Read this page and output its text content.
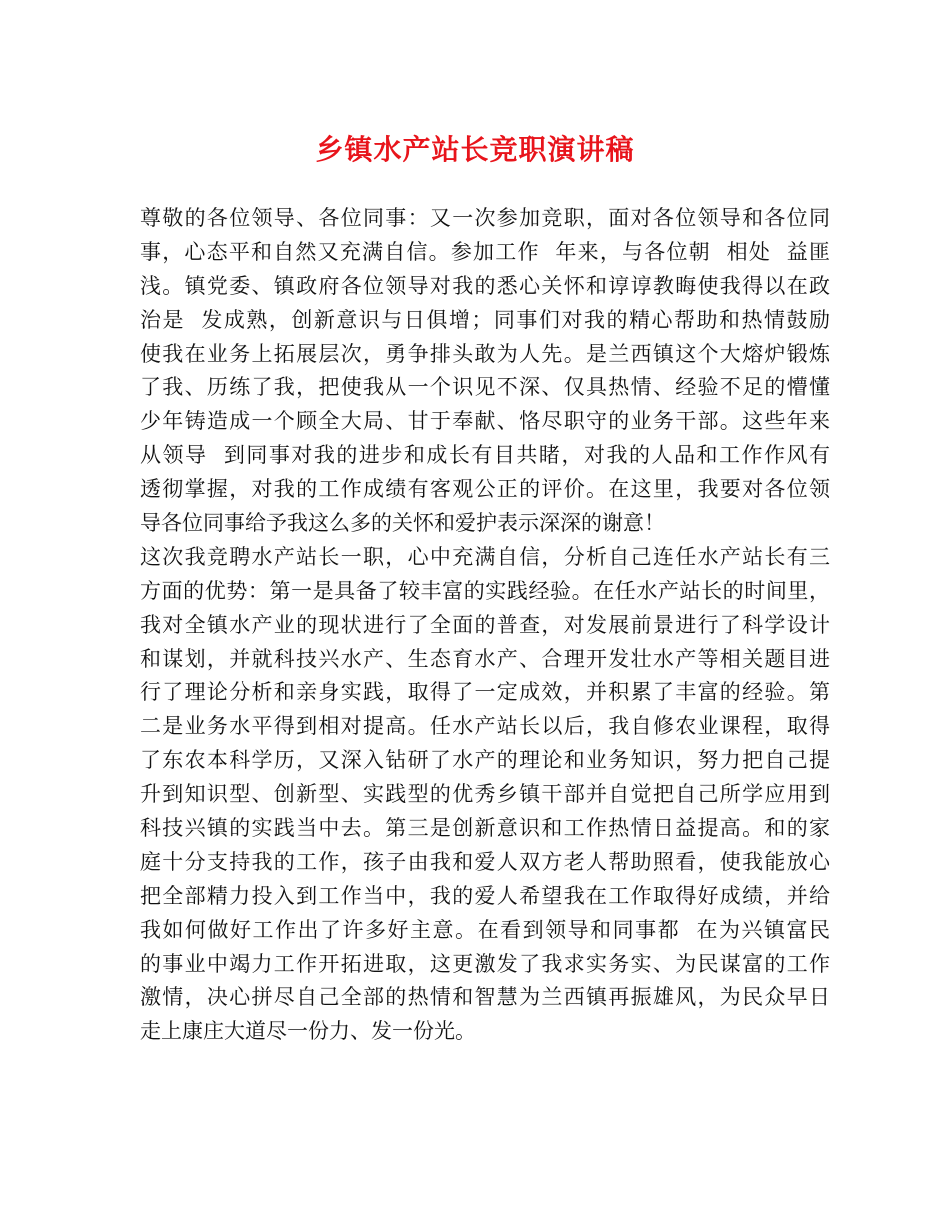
乡镇水产站长竞职演讲稿
尊敬的各位领导、各位同事：又一次参加竞职，面对各位领导和各位同
事，心态平和自然又充满自信。参加工作  年来，与各位朝  相处  益匪
浅。镇党委、镇政府各位领导对我的悉心关怀和谆谆教晦使我得以在政
治是  发成熟，创新意识与日俱增；同事们对我的精心帮助和热情鼓励
使我在业务上拓展层次，勇争排头敢为人先。是兰西镇这个大熔炉锻炼
了我、历练了我，把使我从一个识见不深、仅具热情、经验不足的懵懂
少年铸造成一个顾全大局、甘于奉献、恪尽职守的业务干部。这些年来
从领导  到同事对我的进步和成长有目共睹，对我的人品和工作作风有
透彻掌握，对我的工作成绩有客观公正的评价。在这里，我要对各位领
导各位同事给予我这么多的关怀和爱护表示深深的谢意！
这次我竞聘水产站长一职，心中充满自信，分析自己连任水产站长有三
方面的优势：第一是具备了较丰富的实践经验。在任水产站长的时间里，
我对全镇水产业的现状进行了全面的普查，对发展前景进行了科学设计
和谋划，并就科技兴水产、生态育水产、合理开发壮水产等相关题目进
行了理论分析和亲身实践，取得了一定成效，并积累了丰富的经验。第
二是业务水平得到相对提高。任水产站长以后，我自修农业课程，取得
了东农本科学历，又深入钻研了水产的理论和业务知识，努力把自己提
升到知识型、创新型、实践型的优秀乡镇干部并自觉把自己所学应用到
科技兴镇的实践当中去。第三是创新意识和工作热情日益提高。和的家
庭十分支持我的工作，孩子由我和爱人双方老人帮助照看，使我能放心
把全部精力投入到工作当中，我的爱人希望我在工作取得好成绩，并给
我如何做好工作出了许多好主意。在看到领导和同事都  在为兴镇富民
的事业中竭力工作开拓进取，这更激发了我求实务实、为民谋富的工作
激情，决心拼尽自己全部的热情和智慧为兰西镇再振雄风，为民众早日
走上康庄大道尽一份力、发一份光。
